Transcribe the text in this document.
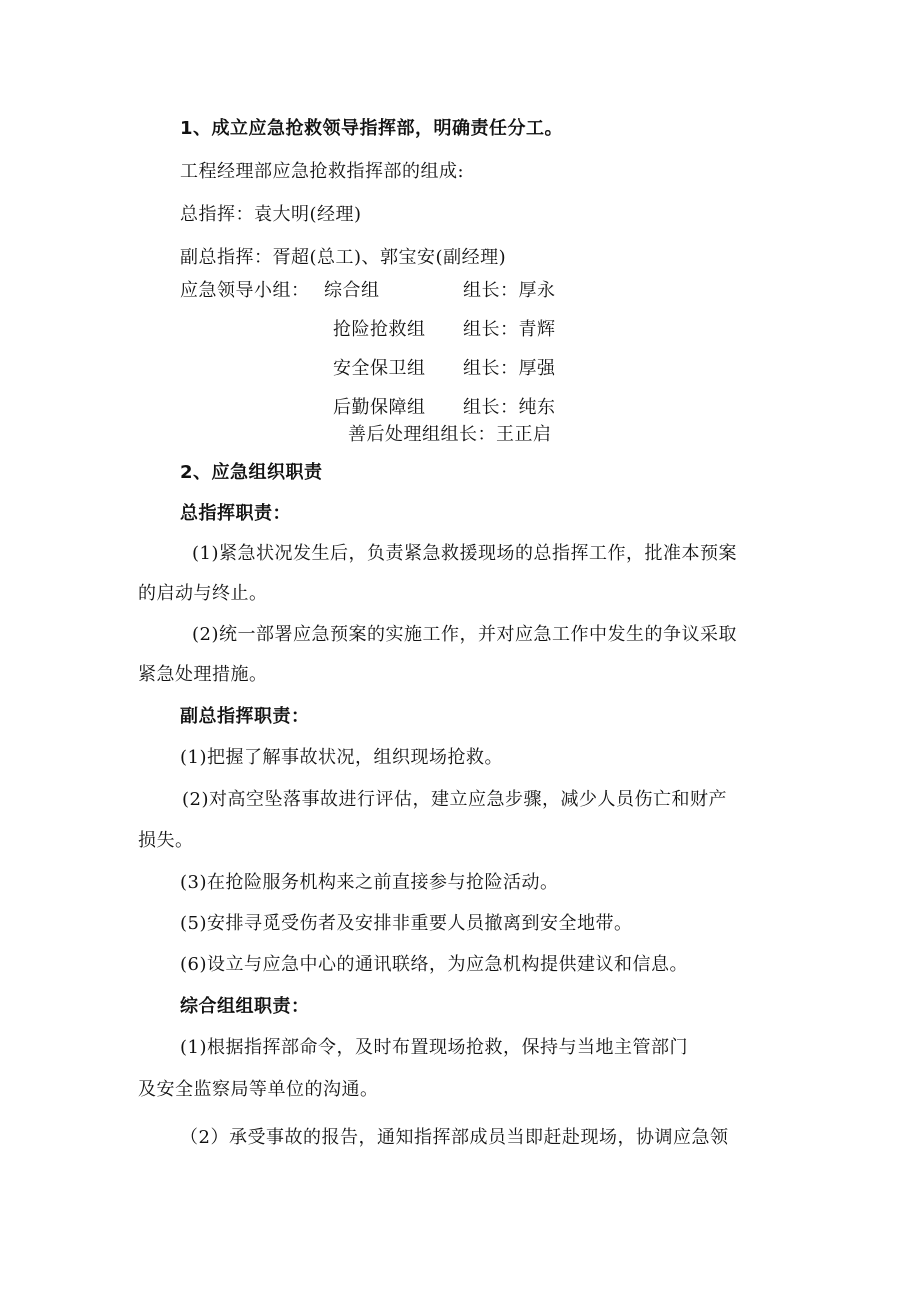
1、成立应急抢救领导指挥部，明确责任分工。
工程经理部应急抢救指挥部的组成:
总指挥：袁大明(经理)
副总指挥：胥超(总工)、郭宝安(副经理)
应急领导小组： 综合组	组长：厚永
抢险抢救组 组长：青辉
安全保卫组 组长：厚强
后勤保障组 组长：纯东
善后处理组组长：王正启
2、应急组织职责
总指挥职责：
(1)紧急状况发生后，负责紧急救援现场的总指挥工作，批准本预案
的启动与终止。
(2)统一部署应急预案的实施工作，并对应急工作中发生的争议采取
紧急处理措施。
副总指挥职责：
(1)把握了解事故状况，组织现场抢救。
(2)对高空坠落事故进行评估，建立应急步骤，减少人员伤亡和财产
损失。
(3)在抢险服务机构来之前直接参与抢险活动。
(5)安排寻觅受伤者及安排非重要人员撤离到安全地带。
(6)设立与应急中心的通讯联络，为应急机构提供建议和信息。
综合组组职责：
(1)根据指挥部命令，及时布置现场抢救，保持与当地主管部门
及安全监察局等单位的沟通。
（2）承受事故的报告，通知指挥部成员当即赶赴现场，协调应急领
